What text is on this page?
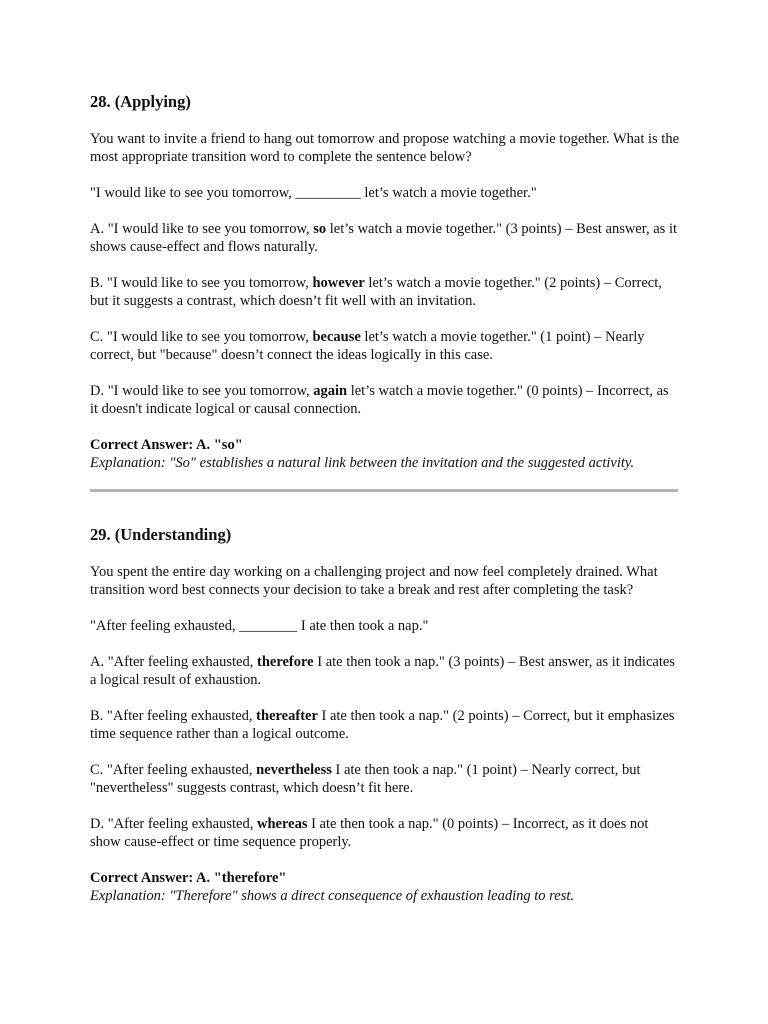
28. (Applying)

You want to invite a friend to hang out tomorrow and propose watching a movie together. What is the most appropriate transition word to complete the sentence below?

"I would like to see you tomorrow, _________ let’s watch a movie together."

A. "I would like to see you tomorrow, so let’s watch a movie together." (3 points) – Best answer, as it shows cause-effect and flows naturally.

B. "I would like to see you tomorrow, however let’s watch a movie together." (2 points) – Correct, but it suggests a contrast, which doesn’t fit well with an invitation.

C. "I would like to see you tomorrow, because let’s watch a movie together." (1 point) – Nearly correct, but "because" doesn’t connect the ideas logically in this case.

D. "I would like to see you tomorrow, again let’s watch a movie together." (0 points) – Incorrect, as it doesn't indicate logical or causal connection.

Correct Answer: A. "so"
Explanation: "So" establishes a natural link between the invitation and the suggested activity.
29. (Understanding)

You spent the entire day working on a challenging project and now feel completely drained. What transition word best connects your decision to take a break and rest after completing the task?

"After feeling exhausted, ________ I ate then took a nap."

A. "After feeling exhausted, therefore I ate then took a nap." (3 points) – Best answer, as it indicates a logical result of exhaustion.

B. "After feeling exhausted, thereafter I ate then took a nap." (2 points) – Correct, but it emphasizes time sequence rather than a logical outcome.

C. "After feeling exhausted, nevertheless I ate then took a nap." (1 point) – Nearly correct, but "nevertheless" suggests contrast, which doesn’t fit here.

D. "After feeling exhausted, whereas I ate then took a nap." (0 points) – Incorrect, as it does not show cause-effect or time sequence properly.

Correct Answer: A. "therefore"
Explanation: "Therefore" shows a direct consequence of exhaustion leading to rest.
